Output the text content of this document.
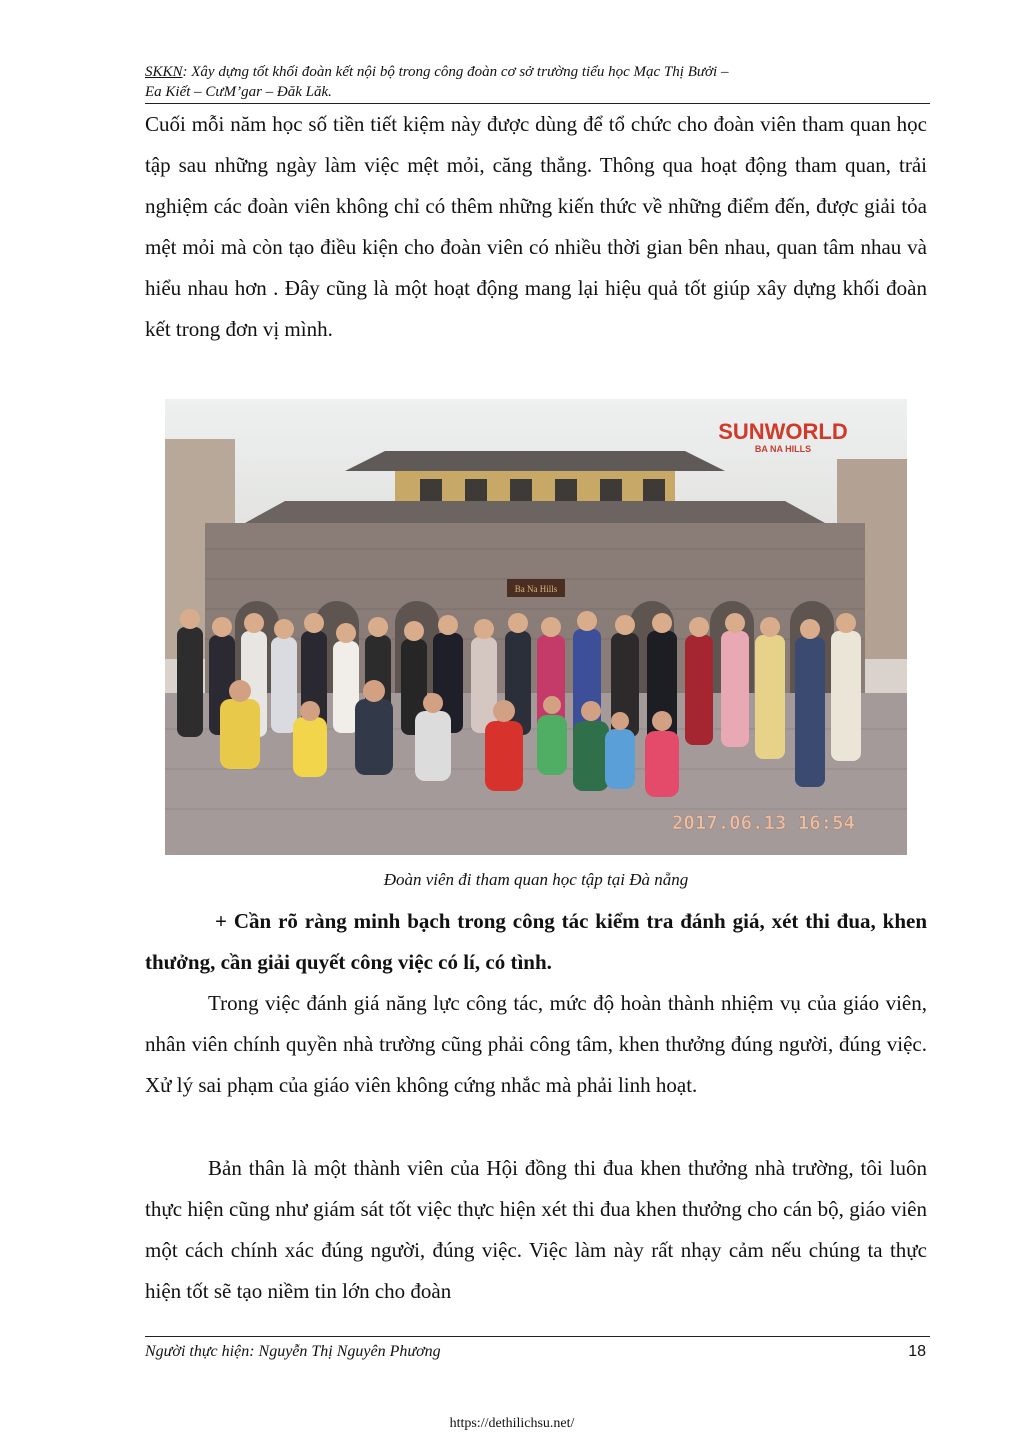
SKKN: Xây dựng tốt khối đoàn kết nội bộ trong công đoàn cơ sở trường tiểu học Mạc Thị Bưởi –
Ea Kiết – CưM’gar – Đăk Lăk.

Cuối mỗi năm học số tiền tiết kiệm này được dùng để tổ chức cho đoàn viên tham quan học tập sau những ngày làm việc mệt mỏi, căng thẳng. Thông qua hoạt động tham quan, trải nghiệm các đoàn viên không chỉ có thêm những kiến thức về những điểm đến, được giải tỏa mệt mỏi mà còn tạo điều kiện cho đoàn viên có nhiều thời gian bên nhau, quan tâm nhau và hiểu nhau hơn . Đây cũng là một hoạt động mang lại hiệu quả tốt giúp xây dựng khối đoàn kết trong đơn vị mình.

SUNWORLD
BA NA HILLS
Ba Na Hills
2017.06.13 16:54
Đoàn viên đi tham quan học tập tại Đà nẵng

+ Cần rõ ràng minh bạch trong công tác kiểm tra đánh giá, xét thi đua, khen thưởng, cần giải quyết công việc có lí, có tình.

Trong việc đánh giá năng lực công tác, mức độ hoàn thành nhiệm vụ của giáo viên, nhân viên chính quyền nhà trường cũng phải công tâm, khen thưởng đúng người, đúng việc. Xử lý sai phạm của giáo viên không cứng nhắc mà phải linh hoạt.

Bản thân là một thành viên của Hội đồng thi đua khen thưởng nhà trường, tôi luôn thực hiện cũng như giám sát tốt việc thực hiện xét thi đua khen thưởng cho cán bộ, giáo viên một cách chính xác đúng người, đúng việc. Việc làm này rất nhạy cảm nếu chúng ta thực hiện tốt sẽ tạo niềm tin lớn cho đoàn

Người thực hiện: Nguyễn Thị Nguyên Phương	18
https://dethilichsu.net/
